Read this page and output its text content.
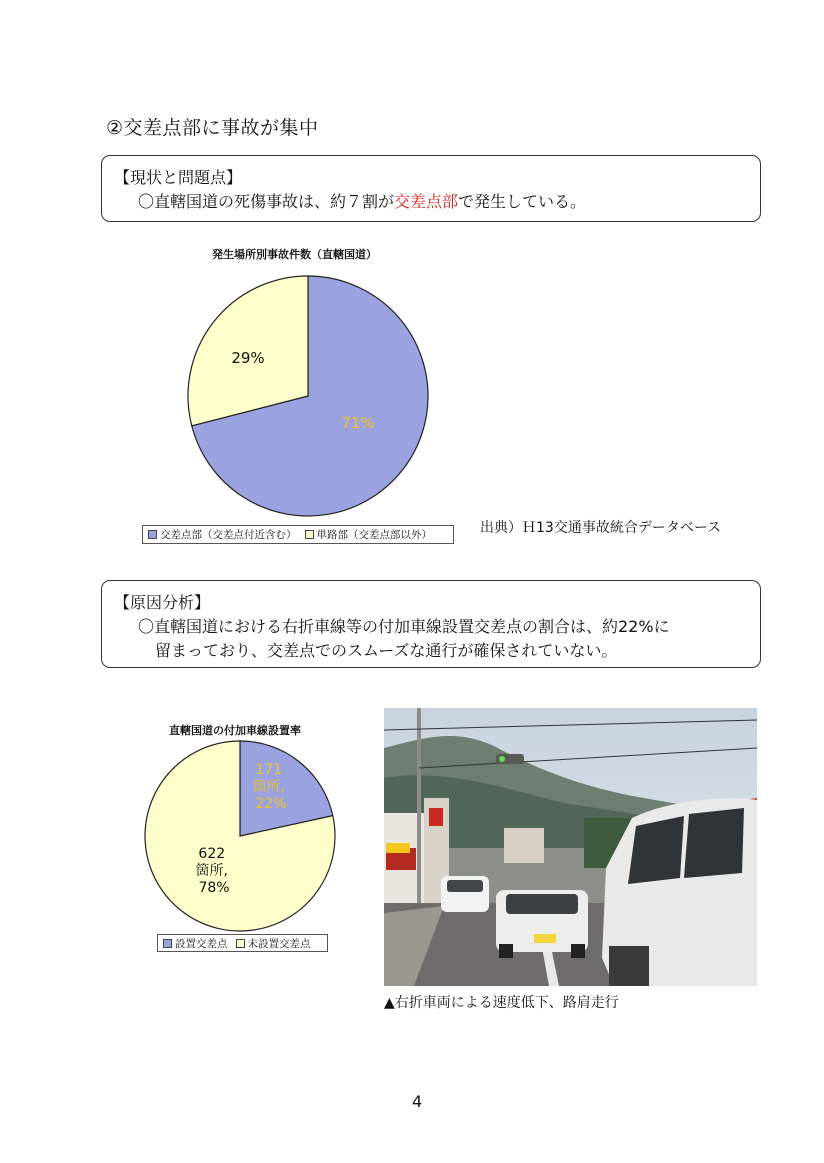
②交差点部に事故が集中
【現状と問題点】
〇直轄国道の死傷事故は、約７割が交差点部で発生している。
発生場所別事故件数（直轄国道）
71%
29%
交差点部（交差点付近含む） 単路部（交差点部以外）	出典）Ｈ13交通事故統合データベース
【原因分析】
〇直轄国道における右折車線等の付加車線設置交差点の割合は、約22%に
留まっており、交差点でのスムーズな通行が確保されていない。
直轄国道の付加車線設置率
171 箇所, 22%
622 箇所, 78%
設置交差点 未設置交差点
▲右折車両による速度低下、路肩走行
4
